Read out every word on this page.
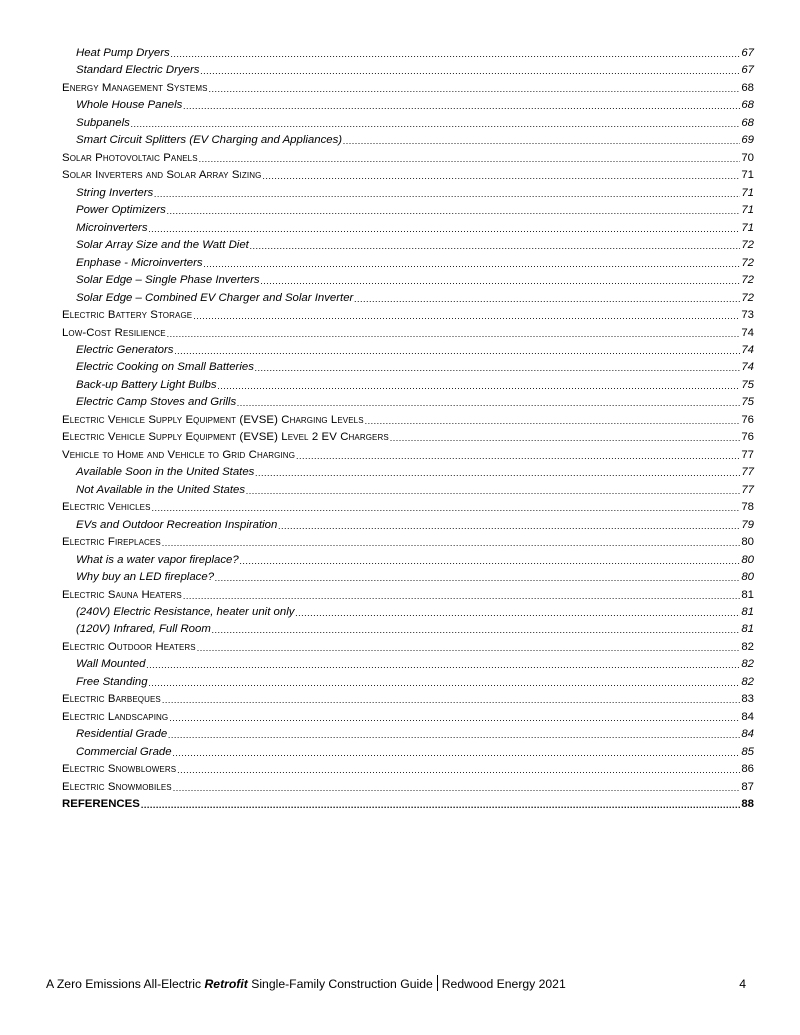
Heat Pump Dryers .....	67
Standard Electric Dryers .....	67
Energy Management Systems .....	68
Whole House Panels .....	68
Subpanels .....	68
Smart Circuit Splitters (EV Charging and Appliances) .....	69
Solar Photovoltaic Panels .....	70
Solar Inverters and Solar Array Sizing .....	71
String Inverters .....	71
Power Optimizers .....	71
Microinverters .....	71
Solar Array Size and the Watt Diet .....	72
Enphase - Microinverters .....	72
Solar Edge – Single Phase Inverters .....	72
Solar Edge – Combined EV Charger and Solar Inverter .....	72
Electric Battery Storage .....	73
Low-Cost Resilience .....	74
Electric Generators .....	74
Electric Cooking on Small Batteries .....	74
Back-up Battery Light Bulbs .....	75
Electric Camp Stoves and Grills .....	75
Electric Vehicle Supply Equipment (EVSE) Charging Levels .....	76
Electric Vehicle Supply Equipment (EVSE) Level 2 EV Chargers .....	76
Vehicle to Home and Vehicle to Grid Charging .....	77
Available Soon in the United States .....	77
Not Available in the United States .....	77
Electric Vehicles .....	78
EVs and Outdoor Recreation Inspiration .....	79
Electric Fireplaces .....	80
What is a water vapor fireplace? .....	80
Why buy an LED fireplace? .....	80
Electric Sauna Heaters .....	81
(240V) Electric Resistance, heater unit only .....	81
(120V) Infrared, Full Room .....	81
Electric Outdoor Heaters .....	82
Wall Mounted .....	82
Free Standing .....	82
Electric Barbeques .....	83
Electric Landscaping .....	84
Residential Grade .....	84
Commercial Grade .....	85
Electric Snowblowers .....	86
Electric Snowmobiles .....	87
REFERENCES .....	88
A Zero Emissions All-Electric Retrofit Single-Family Construction Guide Redwood Energy 2021	4
